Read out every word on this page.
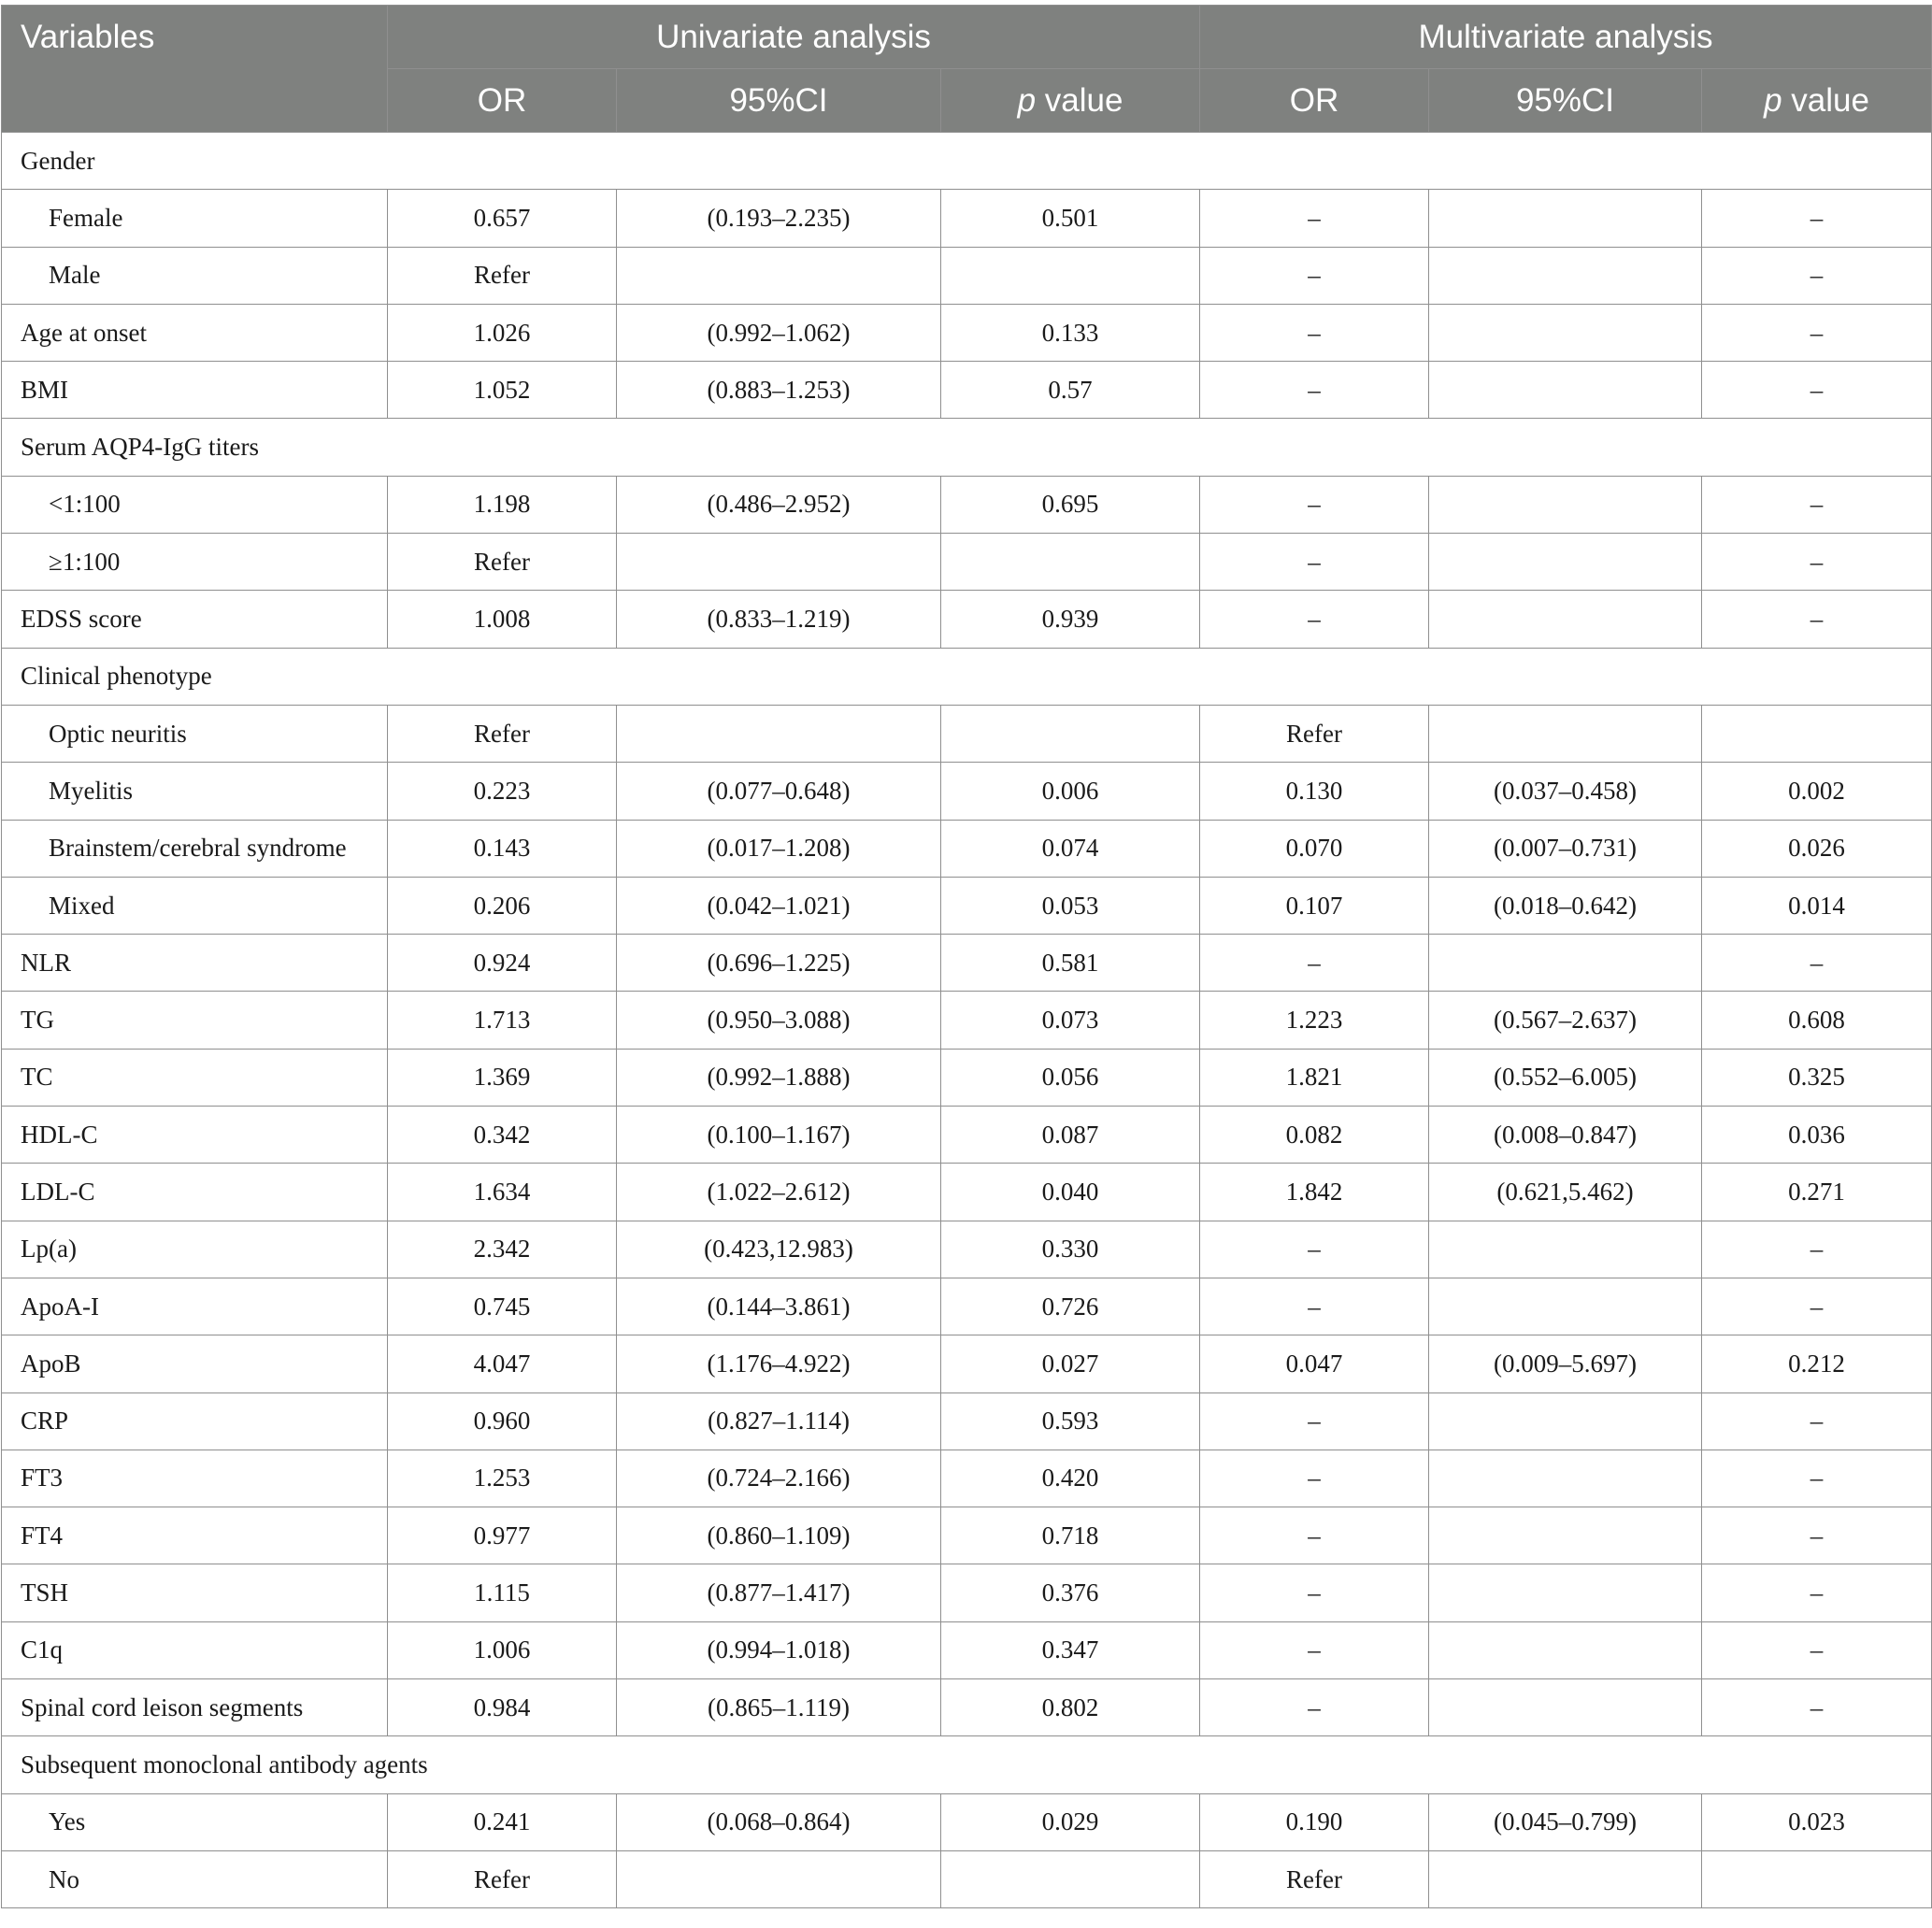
Variables	Univariate analysis			Multivariate analysis		
	OR	95%CI	p value	OR	95%CI	p value
Gender						
Female	0.657	(0.193–2.235)	0.501	–		–
Male	Refer			–		–
Age at onset	1.026	(0.992–1.062)	0.133	–		–
BMI	1.052	(0.883–1.253)	0.57	–		–
Serum AQP4-IgG titers						
<1:100	1.198	(0.486–2.952)	0.695	–		–
≥1:100	Refer			–		–
EDSS score	1.008	(0.833–1.219)	0.939	–		–
Clinical phenotype						
Optic neuritis	Refer			Refer		
Myelitis	0.223	(0.077–0.648)	0.006	0.130	(0.037–0.458)	0.002
Brainstem/cerebral syndrome	0.143	(0.017–1.208)	0.074	0.070	(0.007–0.731)	0.026
Mixed	0.206	(0.042–1.021)	0.053	0.107	(0.018–0.642)	0.014
NLR	0.924	(0.696–1.225)	0.581	–		–
TG	1.713	(0.950–3.088)	0.073	1.223	(0.567–2.637)	0.608
TC	1.369	(0.992–1.888)	0.056	1.821	(0.552–6.005)	0.325
HDL-C	0.342	(0.100–1.167)	0.087	0.082	(0.008–0.847)	0.036
LDL-C	1.634	(1.022–2.612)	0.040	1.842	(0.621,5.462)	0.271
Lp(a)	2.342	(0.423,12.983)	0.330	–		–
ApoA-I	0.745	(0.144–3.861)	0.726	–		–
ApoB	4.047	(1.176–4.922)	0.027	0.047	(0.009–5.697)	0.212
CRP	0.960	(0.827–1.114)	0.593	–		–
FT3	1.253	(0.724–2.166)	0.420	–		–
FT4	0.977	(0.860–1.109)	0.718	–		–
TSH	1.115	(0.877–1.417)	0.376	–		–
C1q	1.006	(0.994–1.018)	0.347	–		–
Spinal cord leison segments	0.984	(0.865–1.119)	0.802	–		–
Subsequent monoclonal antibody agents						
Yes	0.241	(0.068–0.864)	0.029	0.190	(0.045–0.799)	0.023
No	Refer			Refer		
